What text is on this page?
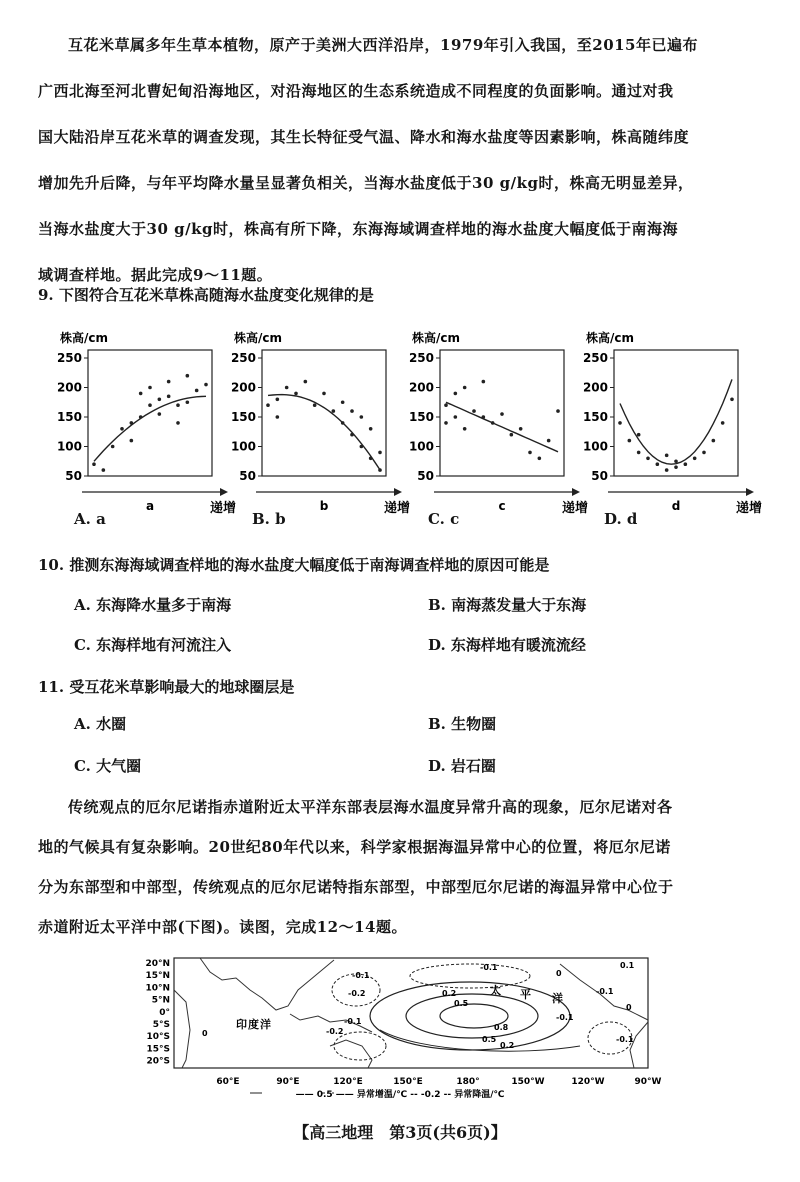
互花米草属多年生草本植物，原产于美洲大西洋沿岸，1979年引入我国，至2015年已遍布
广西北海至河北曹妃甸沿海地区，对沿海地区的生态系统造成不同程度的负面影响。通过对我
国大陆沿岸互花米草的调查发现，其生长特征受气温、降水和海水盐度等因素影响，株高随纬度
增加先升后降，与年平均降水量呈显著负相关，当海水盐度低于30 g/kg时，株高无明显差异，
当海水盐度大于30 g/kg时，株高有所下降，东海海域调查样地的海水盐度大幅度低于南海海
域调查样地。据此完成9～11题。
9. 下图符合互花米草株高随海水盐度变化规律的是
株高/cm
50
100
150
200
250
a	递增
株高/cm
50
100
150
200
250
b	递增
株高/cm
50
100
150
200
250
c	递增
株高/cm
50
100
150
200
250
d	递增
A. a	B. b	C. c	D. d
10. 推测东海海域调查样地的海水盐度大幅度低于南海调查样地的原因可能是
A. 东海降水量多于南海	B. 南海蒸发量大于东海
C. 东海样地有河流注入	D. 东海样地有暖流流经
11. 受互花米草影响最大的地球圈层是
A. 水圈	B. 生物圈
C. 大气圈	D. 岩石圈
传统观点的厄尔尼诺指赤道附近太平洋东部表层海水温度异常升高的现象，厄尔尼诺对各
地的气候具有复杂影响。20世纪80年代以来，科学家根据海温异常中心的位置，将厄尔尼诺
分为东部型和中部型，传统观点的厄尔尼诺特指东部型，中部型厄尔尼诺的海温异常中心位于
赤道附近太平洋中部(下图)。读图，完成12～14题。
20°N
15°N
10°N
5°N
0°
5°S
10°S
15°S
20°S
60°E	90°E	120°E	150°E	180°	150°W	120°W	90°W
印 度 洋
太 平 洋
-0.1
-0.2
-0.1
0.2
0.5
0.8
-0.1
0.2
0.5
0
0
-0.1
-0.2
-0.1
0.1
0
-0.1
—— 0.5 —— 异常增温/℃ -- -0.2 -- 异常降温/℃
【高三地理　第3页(共6页)】
